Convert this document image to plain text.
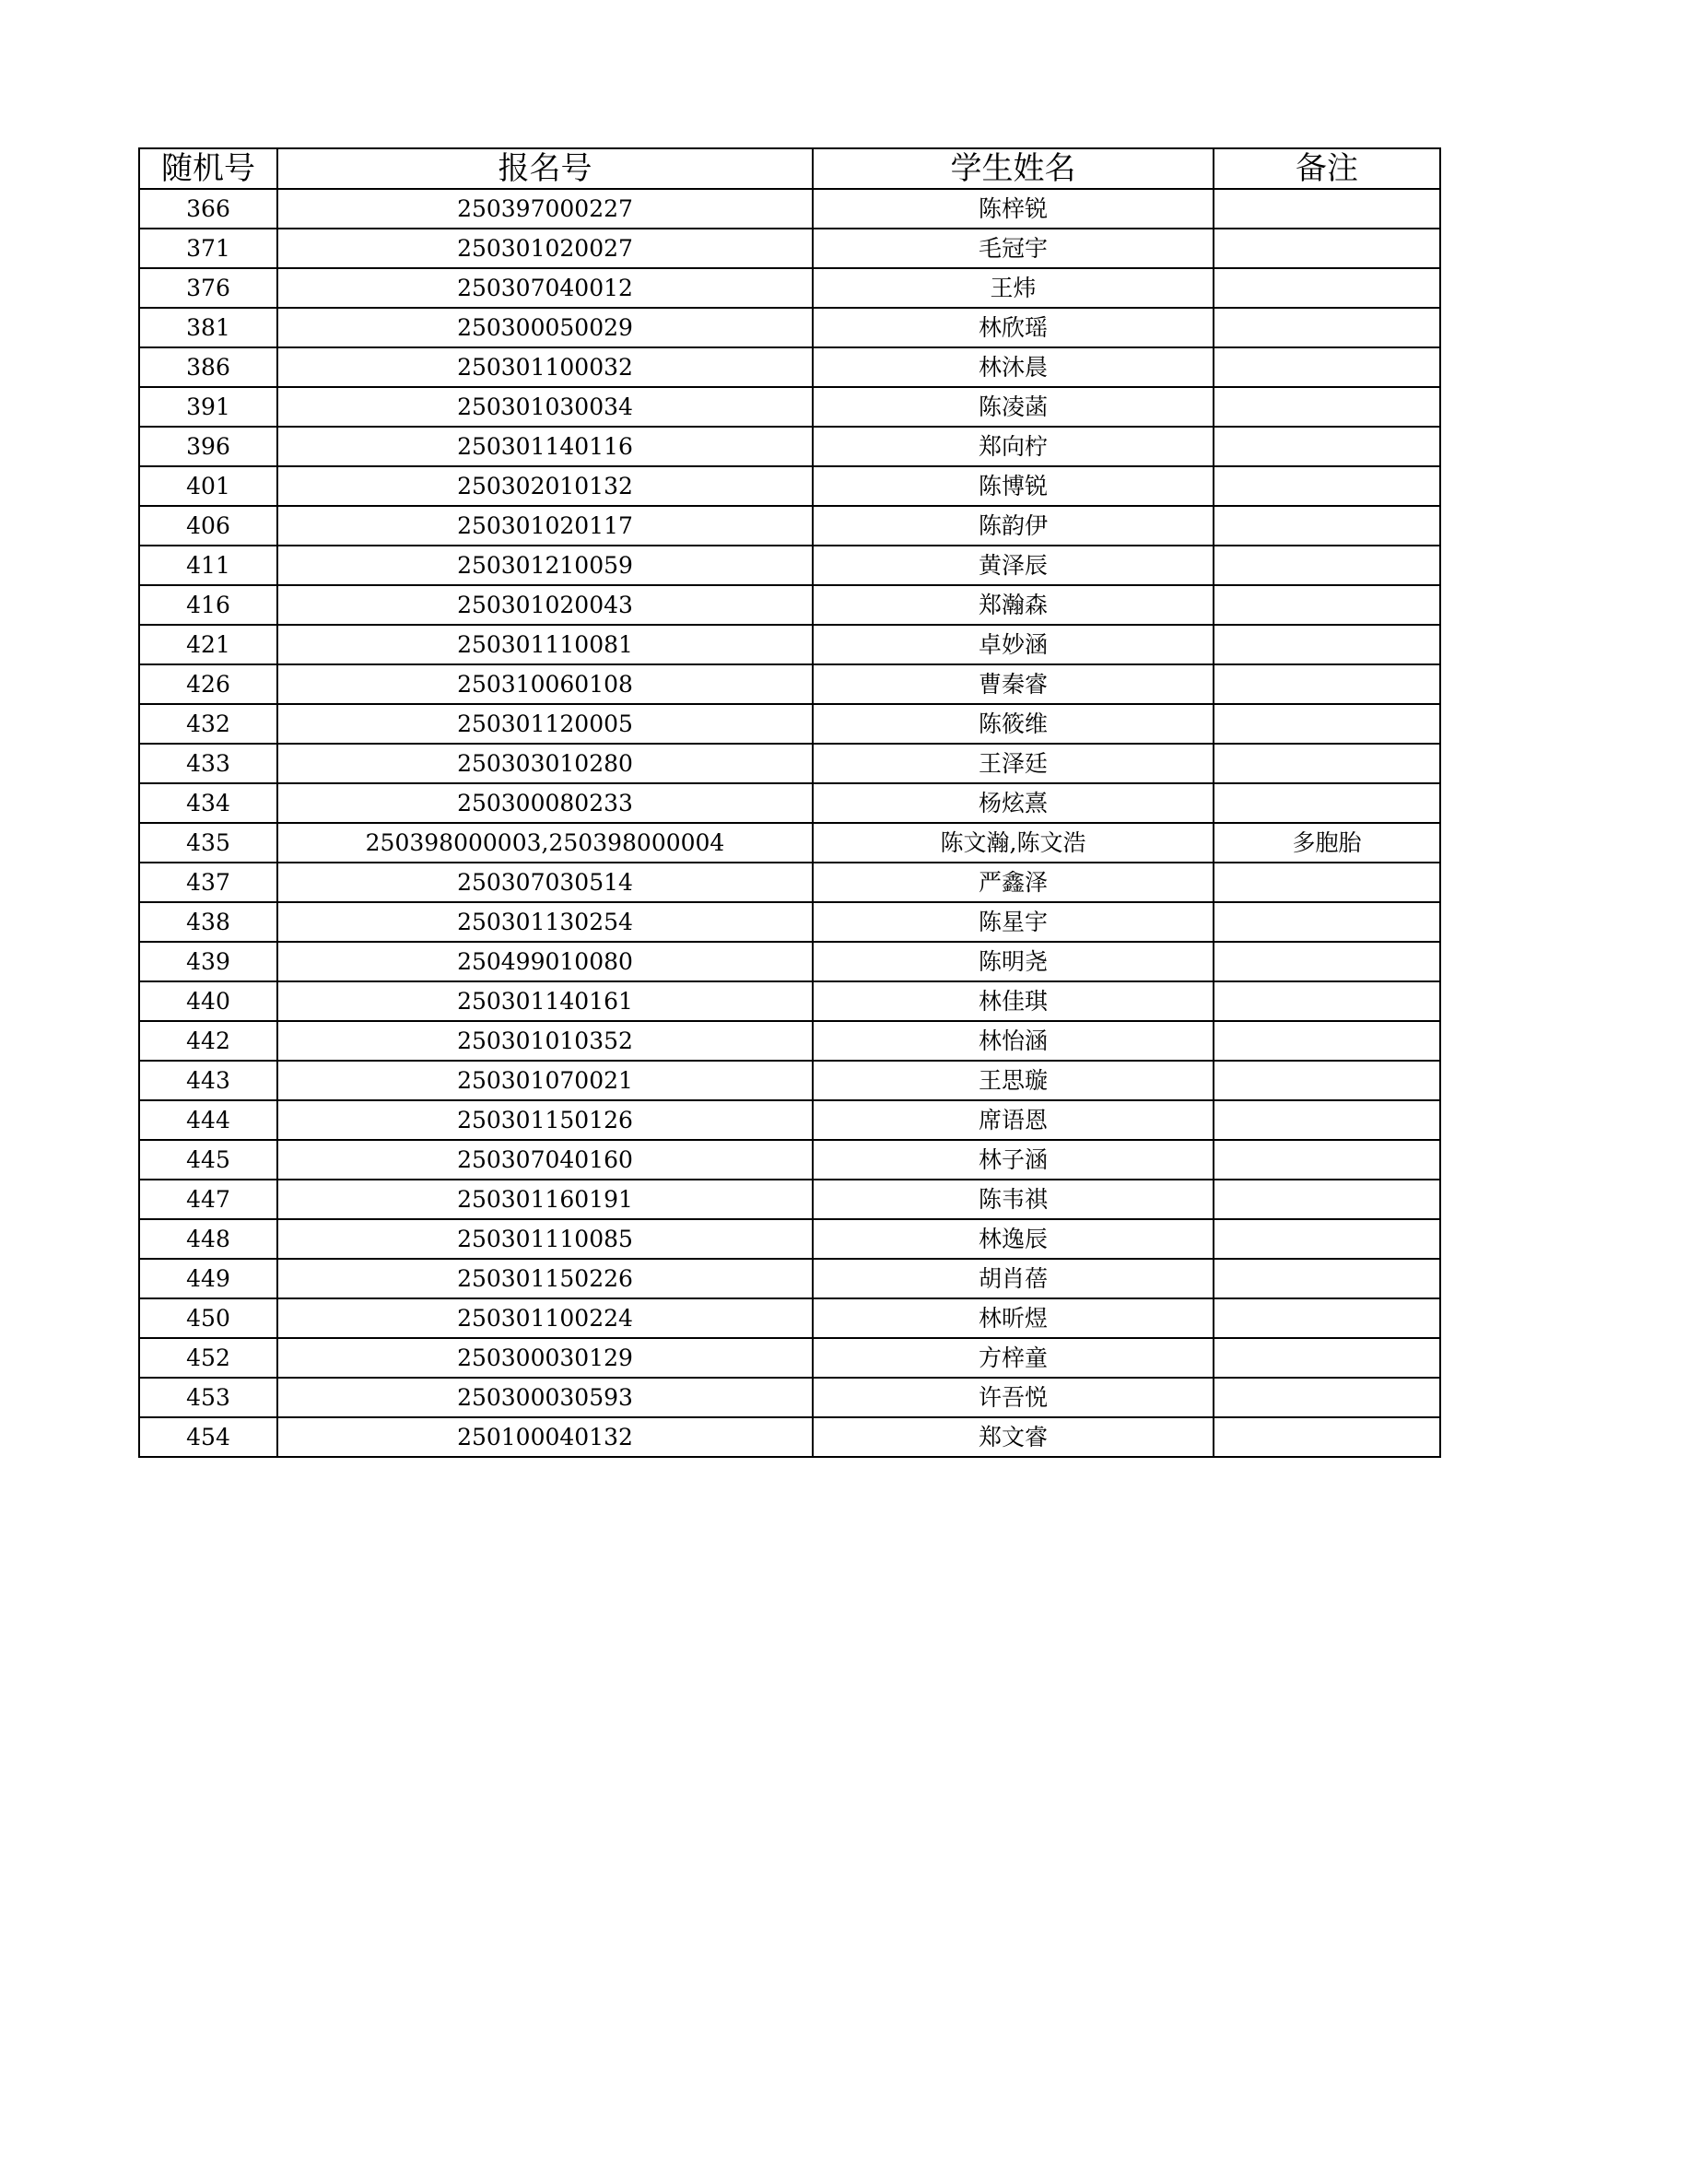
随机号	报名号	学生姓名	备注
366	250397000227	陈梓锐	
371	250301020027	毛冠宇	
376	250307040012	王炜	
381	250300050029	林欣瑶	
386	250301100032	林沐晨	
391	250301030034	陈凌菡	
396	250301140116	郑向柠	
401	250302010132	陈博锐	
406	250301020117	陈韵伊	
411	250301210059	黄泽辰	
416	250301020043	郑瀚森	
421	250301110081	卓妙涵	
426	250310060108	曹秦睿	
432	250301120005	陈筱维	
433	250303010280	王泽廷	
434	250300080233	杨炫熹	
435	250398000003,250398000004	陈文瀚,陈文浩	多胞胎
437	250307030514	严鑫泽	
438	250301130254	陈星宇	
439	250499010080	陈明尧	
440	250301140161	林佳琪	
442	250301010352	林怡涵	
443	250301070021	王思璇	
444	250301150126	席语恩	
445	250307040160	林子涵	
447	250301160191	陈韦祺	
448	250301110085	林逸辰	
449	250301150226	胡肖蓓	
450	250301100224	林昕煜	
452	250300030129	方梓童	
453	250300030593	许吾悦	
454	250100040132	郑文睿	
